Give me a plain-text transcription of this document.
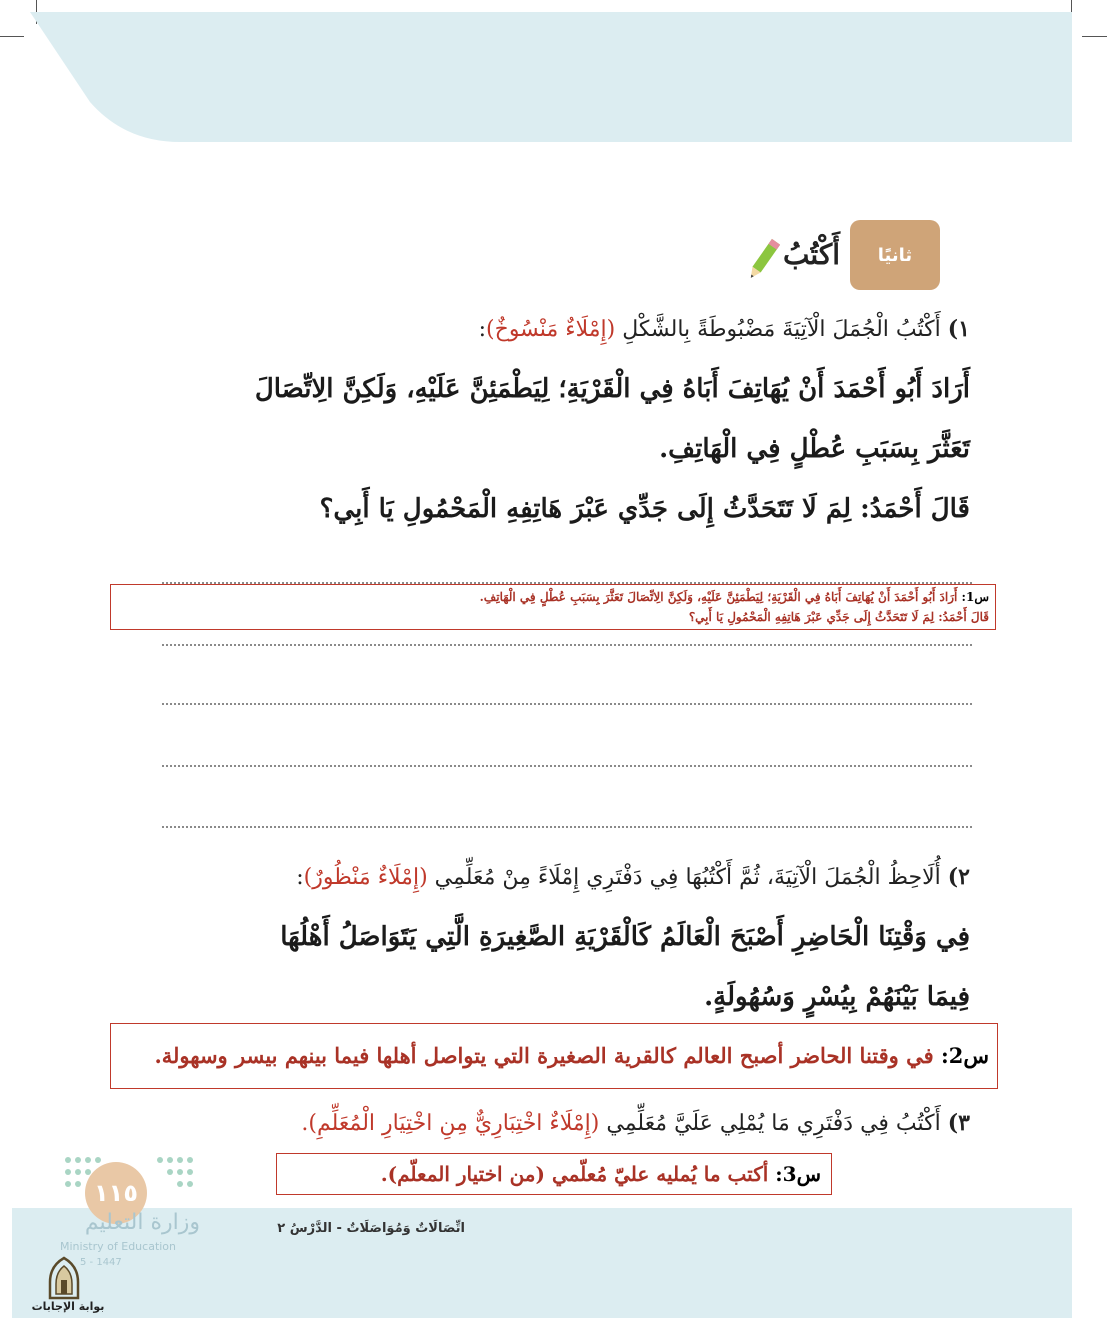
ثانيًا
أَكْتُبُ
١) أَكْتُبُ الْجُمَلَ الْآتِيَةَ مَضْبُوطَةً بِالشَّكْلِ (إِمْلَاءٌ مَنْسُوخٌ):
أَرَادَ أَبُو أَحْمَدَ أَنْ يُهَاتِفَ أَبَاهُ فِي الْقَرْيَةِ؛ لِيَطْمَئِنَّ عَلَيْهِ، وَلَكِنَّ الِاتِّصَالَ
تَعَثَّرَ بِسَبَبِ عُطْلٍ فِي الْهَاتِفِ.
قَالَ أَحْمَدُ: لِمَ لَا تَتَحَدَّثُ إِلَى جَدِّي عَبْرَ هَاتِفِهِ الْمَحْمُولِ يَا أَبِي؟
س1: أَرَادَ أَبُو أَحْمَدَ أَنْ يُهَاتِفَ أَبَاهُ فِي الْقَرْيَةِ؛ لِيَطْمَئِنَّ عَلَيْهِ، وَلَكِنَّ الِاتِّصَالَ تَعَثَّرَ بِسَبَبِ عُطْلٍ فِي الْهَاتِفِ.
قَالَ أَحْمَدُ: لِمَ لَا تَتَحَدَّثُ إِلَى جَدِّي عَبْرَ هَاتِفِهِ الْمَحْمُولِ يَا أَبِي؟
٢) أُلَاحِظُ الْجُمَلَ الْآتِيَةَ، ثُمَّ أَكْتُبُهَا فِي دَفْتَرِي إِمْلَاءً مِنْ مُعَلِّمِي (إِمْلَاءٌ مَنْظُورٌ):
فِي وَقْتِنَا الْحَاضِرِ أَصْبَحَ الْعَالَمُ كَالْقَرْيَةِ الصَّغِيرَةِ الَّتِي يَتَوَاصَلُ أَهْلُهَا
فِيمَا بَيْنَهُمْ بِيُسْرٍ وَسُهُولَةٍ.
س2: في وقتنا الحاضر أصبح العالم كالقرية الصغيرة التي يتواصل أهلها فيما بينهم بيسر وسهولة.
٣) أَكْتُبُ فِي دَفْتَرِي مَا يُمْلِي عَلَيَّ مُعَلِّمِي (إِمْلَاءٌ اخْتِبَارِيٌّ مِنِ اخْتِيَارِ الْمُعَلِّمِ).
س3: أكتب ما يُمليه عليّ مُعلّمي (من اختيار المعلّم).
١١٥
وزارة التعليم
Ministry of Education
5 - 1447
اتِّصَالَاتٌ وَمُوَاصَلَاتٌ - الدَّرْسُ ٢
بوابة الإجابات
